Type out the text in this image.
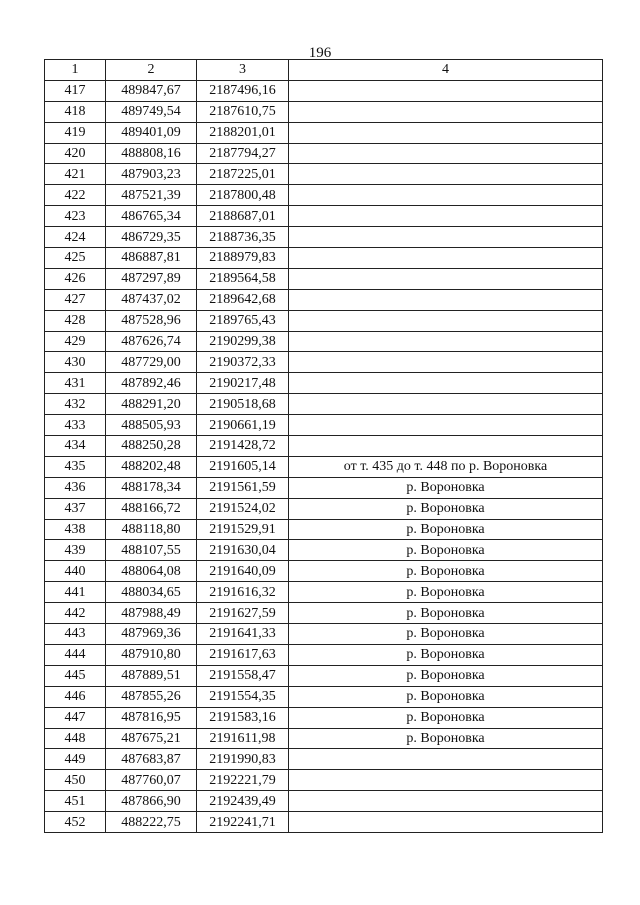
196
1	2	3	4
417	489847,67	2187496,16	
418	489749,54	2187610,75	
419	489401,09	2188201,01	
420	488808,16	2187794,27	
421	487903,23	2187225,01	
422	487521,39	2187800,48	
423	486765,34	2188687,01	
424	486729,35	2188736,35	
425	486887,81	2188979,83	
426	487297,89	2189564,58	
427	487437,02	2189642,68	
428	487528,96	2189765,43	
429	487626,74	2190299,38	
430	487729,00	2190372,33	
431	487892,46	2190217,48	
432	488291,20	2190518,68	
433	488505,93	2190661,19	
434	488250,28	2191428,72	
435	488202,48	2191605,14	от т. 435 до т. 448 по р. Вороновка
436	488178,34	2191561,59	р. Вороновка
437	488166,72	2191524,02	р. Вороновка
438	488118,80	2191529,91	р. Вороновка
439	488107,55	2191630,04	р. Вороновка
440	488064,08	2191640,09	р. Вороновка
441	488034,65	2191616,32	р. Вороновка
442	487988,49	2191627,59	р. Вороновка
443	487969,36	2191641,33	р. Вороновка
444	487910,80	2191617,63	р. Вороновка
445	487889,51	2191558,47	р. Вороновка
446	487855,26	2191554,35	р. Вороновка
447	487816,95	2191583,16	р. Вороновка
448	487675,21	2191611,98	р. Вороновка
449	487683,87	2191990,83	
450	487760,07	2192221,79	
451	487866,90	2192439,49	
452	488222,75	2192241,71	
